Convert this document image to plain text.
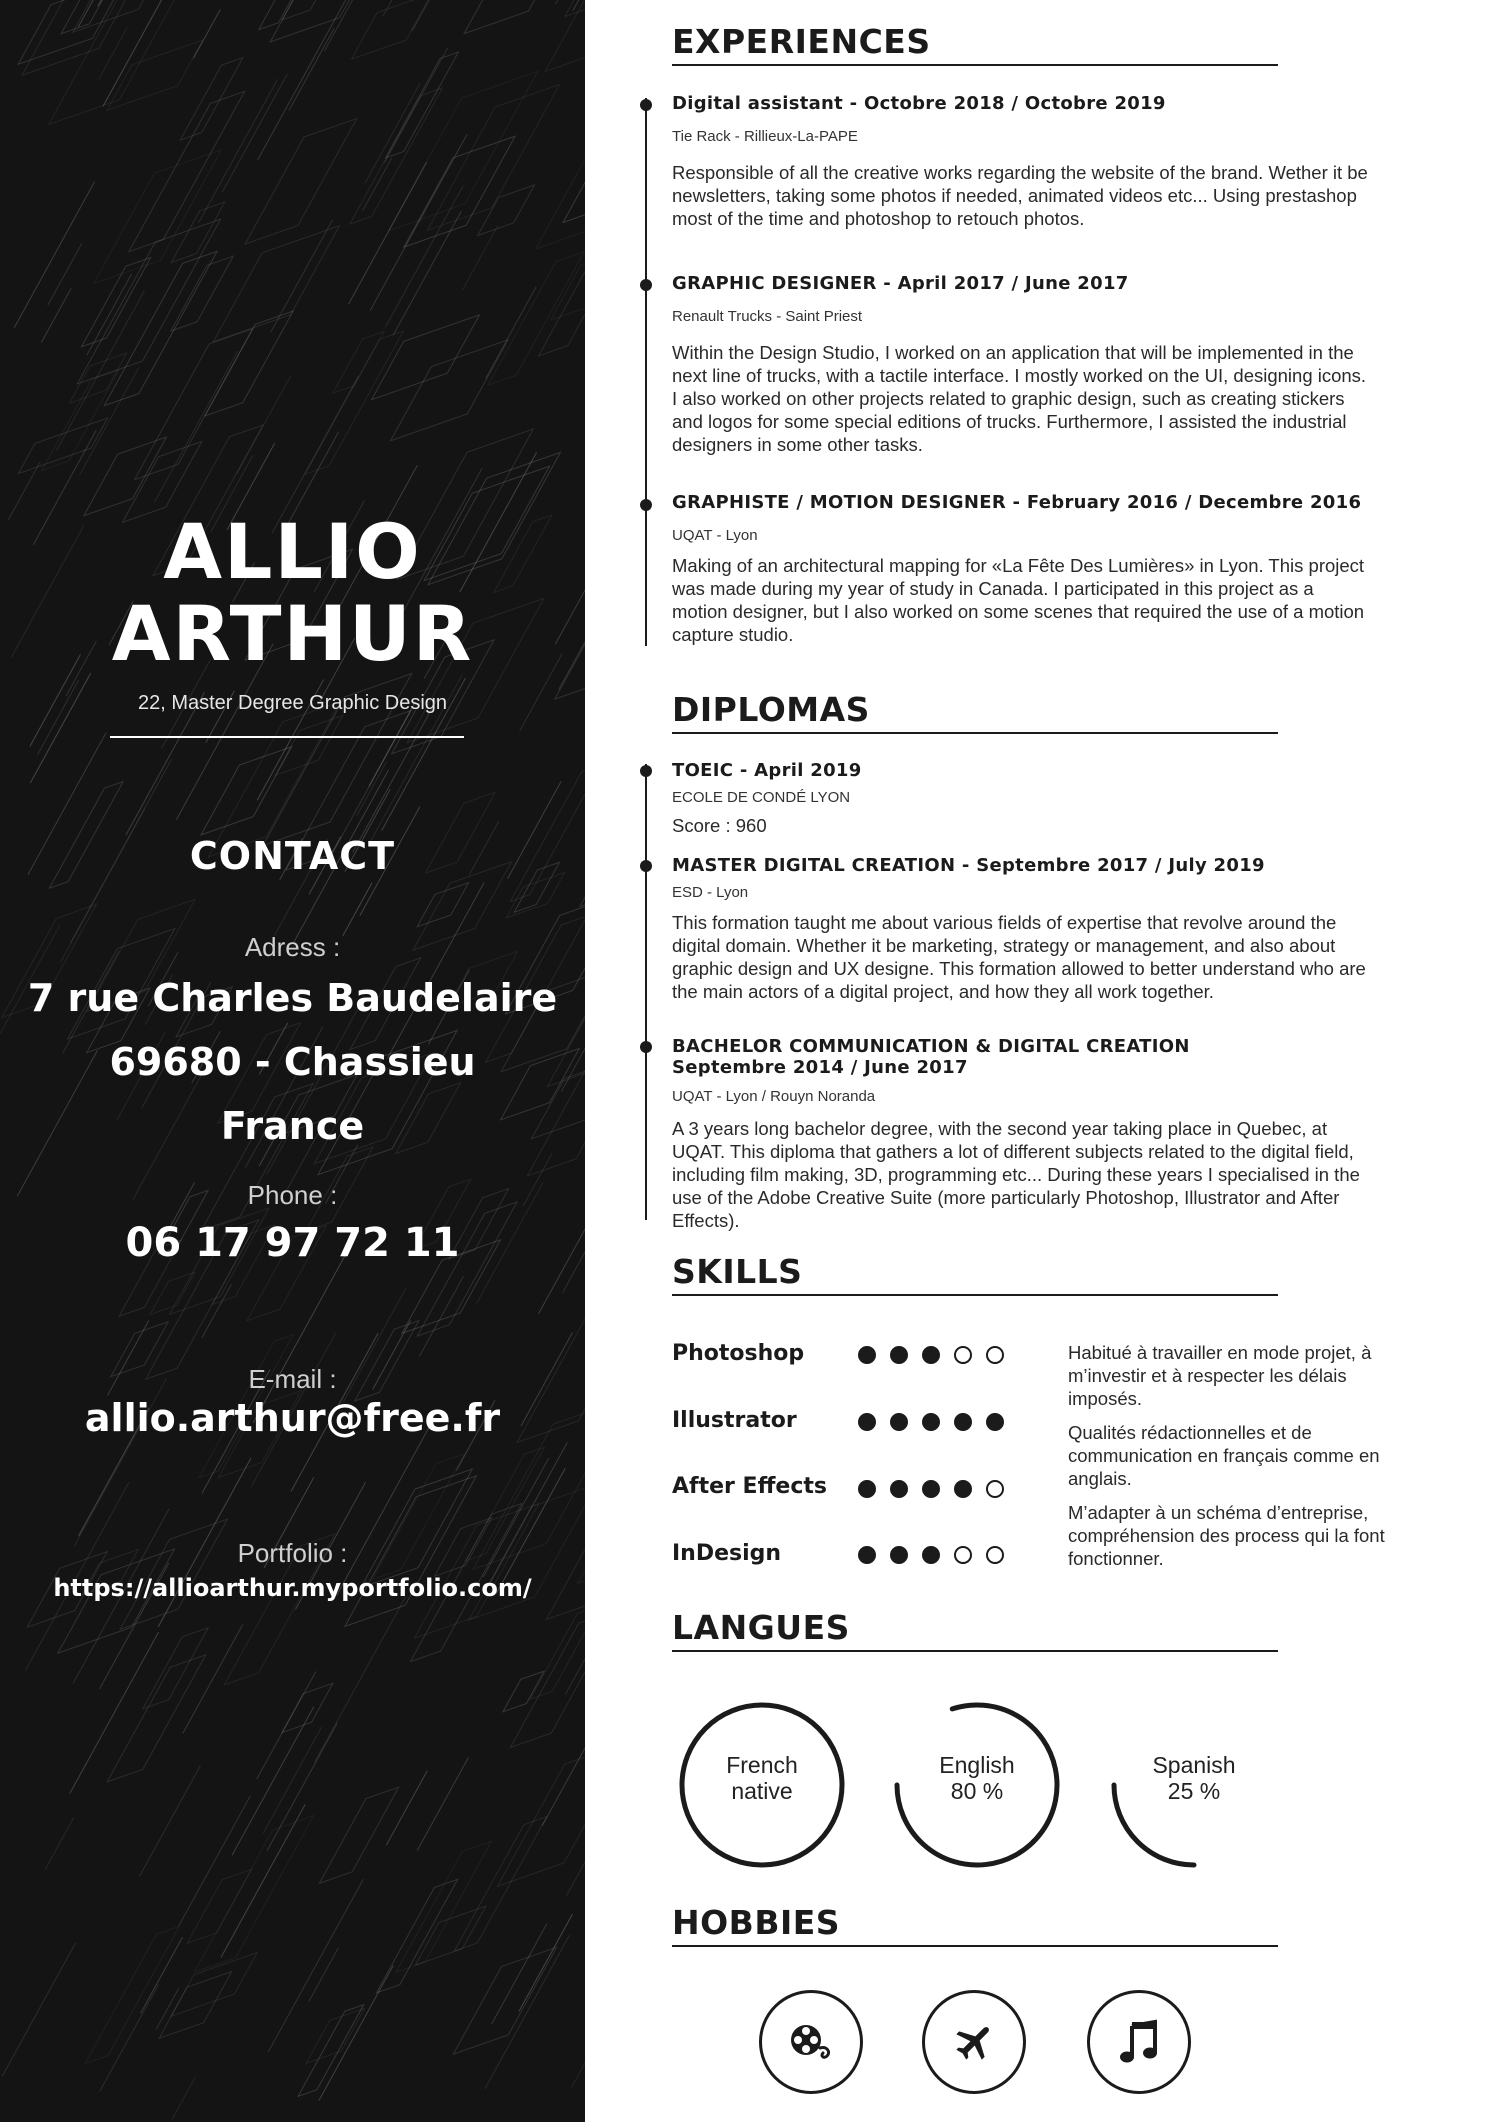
ALLIO
ARTHUR
22, Master Degree Graphic Design
CONTACT
Adress :
7 rue Charles Baudelaire
69680 - Chassieu
France
Phone :
06 17 97 72 11
E-mail :
allio.arthur@free.fr
Portfolio :
https://allioarthur.myportfolio.com/
EXPERIENCES
Digital assistant - Octobre 2018 / Octobre 2019
Tie Rack - Rillieux-La-PAPE
Responsible of all the creative works regarding the website of the brand. Wether it be newsletters, taking some photos if needed, animated videos etc... Using prestashop most of the time and photoshop to retouch photos.
GRAPHIC DESIGNER - April 2017 / June 2017
Renault Trucks - Saint Priest
Within the Design Studio, I worked on an application that will be implemented in the next line of trucks, with a tactile interface. I mostly worked on the UI, designing icons. I also worked on other projects related to graphic design, such as creating stickers and logos for some special editions of trucks. Furthermore, I assisted the industrial designers in some other tasks.
GRAPHISTE / MOTION DESIGNER - February 2016 / Decembre 2016
UQAT - Lyon
Making of an architectural mapping for «La Fête Des Lumières» in Lyon. This project was made during my year of study in Canada. I participated in this project as a motion designer, but I also worked on some scenes that required the use of a motion capture studio.
DIPLOMAS
TOEIC - April 2019
ECOLE DE CONDÉ LYON
Score : 960
MASTER DIGITAL CREATION - Septembre 2017 / July 2019
ESD - Lyon
This formation taught me about various fields of expertise that revolve around the digital domain. Whether it be marketing, strategy or management, and also about graphic design and UX designe. This formation allowed to better understand who are the main actors of a digital project, and how they all work together.
BACHELOR COMMUNICATION & DIGITAL CREATION
Septembre 2014 / June 2017
UQAT - Lyon / Rouyn Noranda
A 3 years long bachelor degree, with the second year taking place in Quebec, at UQAT. This diploma that gathers a lot of different subjects related to the digital field, including film making, 3D, programming etc... During these years I specialised in the use of the Adobe Creative Suite (more particularly Photoshop, Illustrator and After Effects).
SKILLS
Photoshop
Illustrator
After Effects
InDesign

Habitué à travailler en mode projet, à m’investir et à respecter les délais imposés.

Qualités rédactionnelles et de communication en français comme en anglais.

M’adapter à un schéma d’entreprise, compréhension des process qui la font fonctionner.

LANGUES
French
native
English
80 %
Spanish
25 %
HOBBIES
